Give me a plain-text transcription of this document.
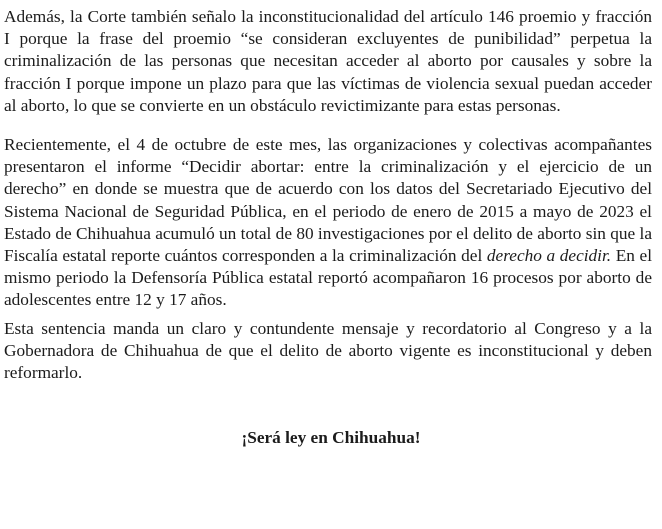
Además, la Corte también señalo la inconstitucionalidad del artículo 146 proemio y fracción I porque la frase del proemio “se consideran excluyentes de punibilidad” perpetua la criminalización de las personas que necesitan acceder al aborto por causales y sobre la fracción I porque impone un plazo para que las víctimas de violencia sexual puedan acceder al aborto, lo que se convierte en un obstáculo revictimizante para estas personas.

Recientemente, el 4 de octubre de este mes, las organizaciones y colectivas acompañantes presentaron el informe “Decidir abortar: entre la criminalización y el ejercicio de un derecho” en donde se muestra que de acuerdo con los datos del Secretariado Ejecutivo del Sistema Nacional de Seguridad Pública, en el periodo de enero de 2015 a mayo de 2023 el Estado de Chihuahua acumuló un total de 80 investigaciones por el delito de aborto sin que la Fiscalía estatal reporte cuántos corresponden a la criminalización del derecho a decidir. En el mismo periodo la Defensoría Pública estatal reportó acompañaron 16 procesos por aborto de adolescentes entre 12 y 17 años.

Esta sentencia manda un claro y contundente mensaje y recordatorio al Congreso y a la Gobernadora de Chihuahua de que el delito de aborto vigente es inconstitucional y deben reformarlo.

¡Será ley en Chihuahua!
